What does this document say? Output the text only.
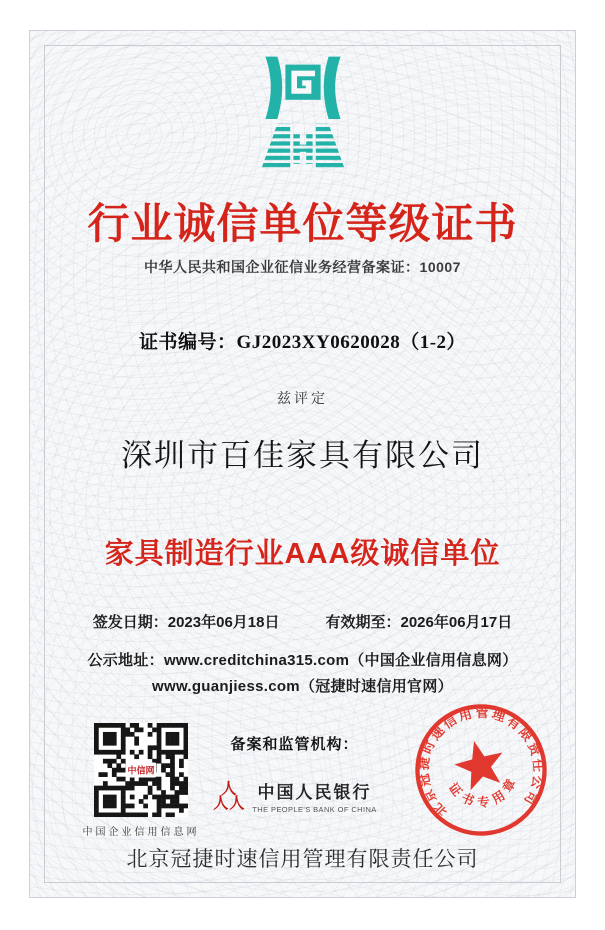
行业诚信单位等级证书
中华人民共和国企业征信业务经营备案证：10007
证书编号：GJ2023XY0620028（1-2）
兹评定
深圳市百佳家具有限公司
家具制造行业AAA级诚信单位
签发日期：2023年06月18日	有效期至：2026年06月17日
公示地址：www.creditchina315.com（中国企业信用信息网）
www.guanjiess.com（冠捷时速信用官网）
中信网
中国企业信用信息网
备案和监管机构：
人
人 人
中国人民银行
THE PEOPLE'S BANK OF CHINA	北京冠捷时速信用管理有限责任公司
证书专用章
北京冠捷时速信用管理有限责任公司
